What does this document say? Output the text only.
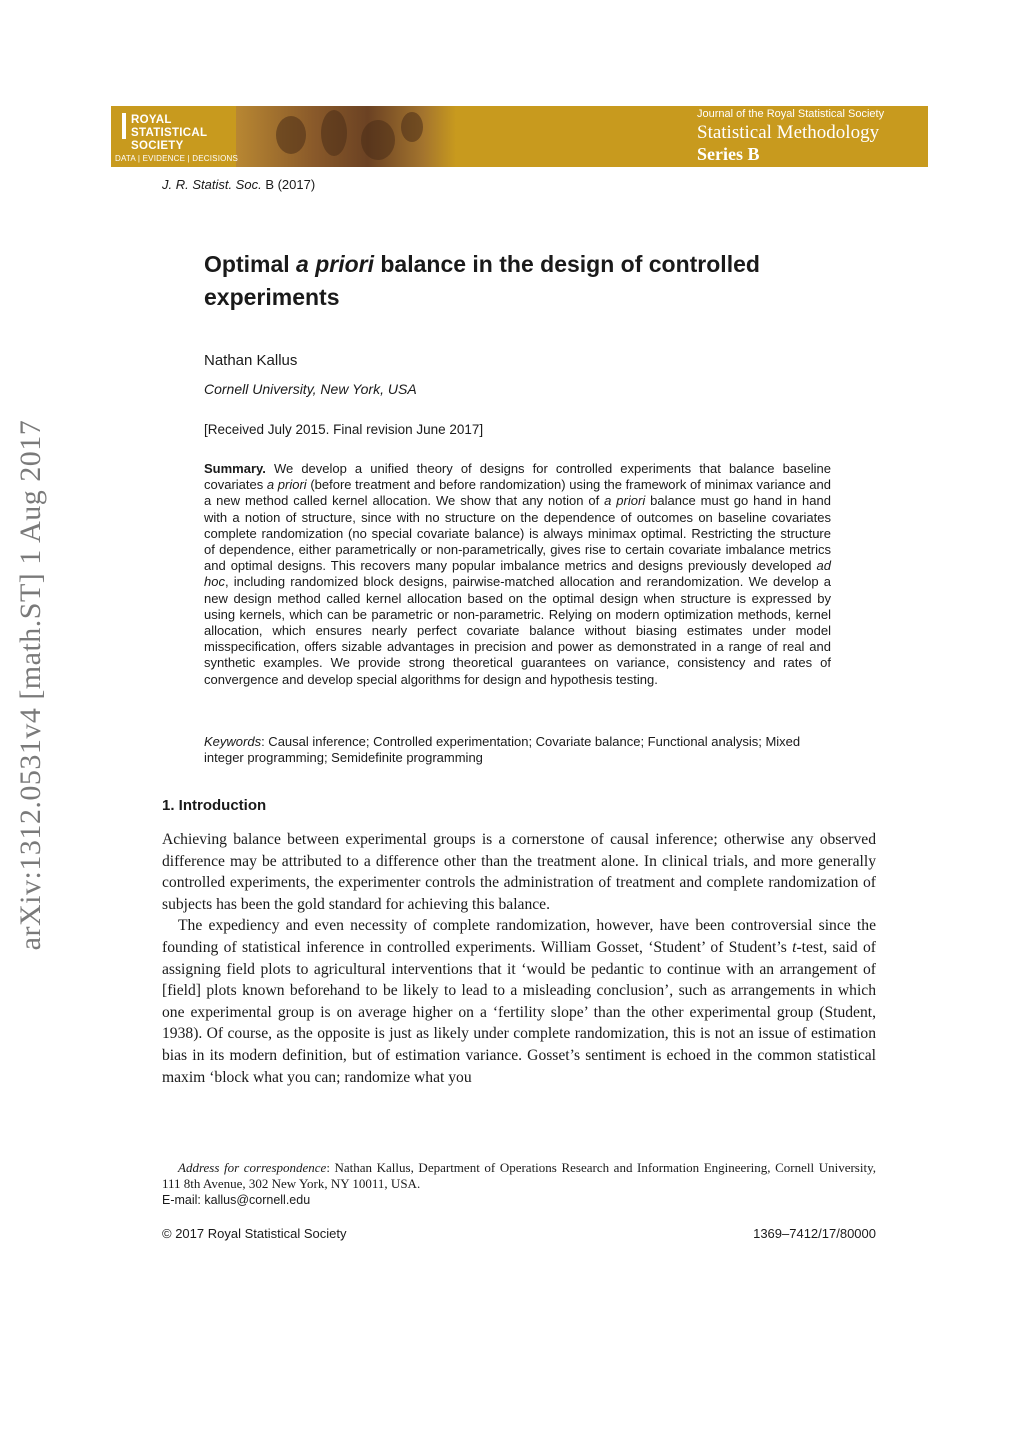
ROYAL
STATISTICAL
SOCIETY
DATA | EVIDENCE | DECISIONS
Journal of the Royal Statistical Society
Statistical Methodology
Series B
J. R. Statist. Soc. B (2017)
arXiv:1312.0531v4 [math.ST] 1 Aug 2017
Optimal a priori balance in the design of controlled experiments
Nathan Kallus
Cornell University, New York, USA
[Received July 2015. Final revision June 2017]
Summary. We develop a unified theory of designs for controlled experiments that balance baseline covariates a priori (before treatment and before randomization) using the framework of minimax variance and a new method called kernel allocation. We show that any notion of a priori balance must go hand in hand with a notion of structure, since with no structure on the dependence of outcomes on baseline covariates complete randomization (no special covariate balance) is always minimax optimal. Restricting the structure of dependence, either parametrically or non-parametrically, gives rise to certain covariate imbalance metrics and optimal designs. This recovers many popular imbalance metrics and designs previously developed ad hoc, including randomized block designs, pairwise-matched allocation and rerandomization. We develop a new design method called kernel allocation based on the optimal design when structure is expressed by using kernels, which can be parametric or non-parametric. Relying on modern optimization methods, kernel allocation, which ensures nearly perfect covariate balance without biasing estimates under model misspecification, offers sizable advantages in precision and power as demonstrated in a range of real and synthetic examples. We provide strong theoretical guarantees on variance, consistency and rates of convergence and develop special algorithms for design and hypothesis testing.
Keywords: Causal inference; Controlled experimentation; Covariate balance; Functional analysis; Mixed integer programming; Semidefinite programming
1. Introduction

Achieving balance between experimental groups is a cornerstone of causal inference; otherwise any observed difference may be attributed to a difference other than the treatment alone. In clinical trials, and more generally controlled experiments, the experimenter controls the administration of treatment and complete randomization of subjects has been the gold standard for achieving this balance.

The expediency and even necessity of complete randomization, however, have been controversial since the founding of statistical inference in controlled experiments. William Gosset, ‘Student’ of Student’s t-test, said of assigning field plots to agricultural interventions that it ‘would be pedantic to continue with an arrangement of [field] plots known beforehand to be likely to lead to a misleading conclusion’, such as arrangements in which one experimental group is on average higher on a ‘fertility slope’ than the other experimental group (Student, 1938). Of course, as the opposite is just as likely under complete randomization, this is not an issue of estimation bias in its modern definition, but of estimation variance. Gosset’s sentiment is echoed in the common statistical maxim ‘block what you can; randomize what you

Address for correspondence: Nathan Kallus, Department of Operations Research and Information Engineering, Cornell University, 111 8th Avenue, 302 New York, NY 10011, USA.
E-mail: kallus@cornell.edu
© 2017 Royal Statistical Society	1369–7412/17/80000
